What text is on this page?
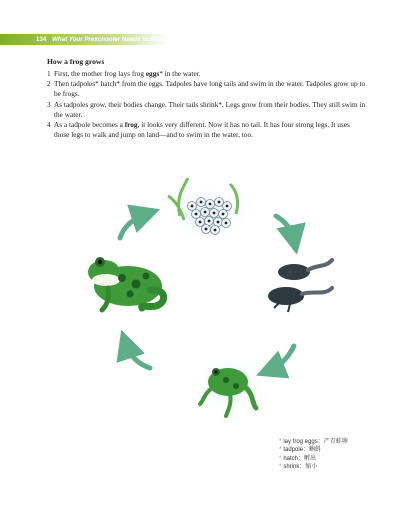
134 What Your Preschooler Needs to Know
How a frog grows
1 First, the mother frog lays frog eggs* in the water.
2 Then tadpoles* hatch* from the eggs. Tadpoles have long tails and swim in the water. Tadpoles grow up to be frogs.
3 As tadpoles grow, their bodies change. Their tails shrink*. Legs grow from their bodies. They still swim in the water.
4 As a tadpole becomes a frog, it looks very different. Now it has no tail. It has four strong legs. It uses those legs to walk and jump on land—and to swim in the water, too.
* lay frog eggs：产青蛙卵
* tadpole：蝌蚪
* hatch：孵出
* shrink：缩小
